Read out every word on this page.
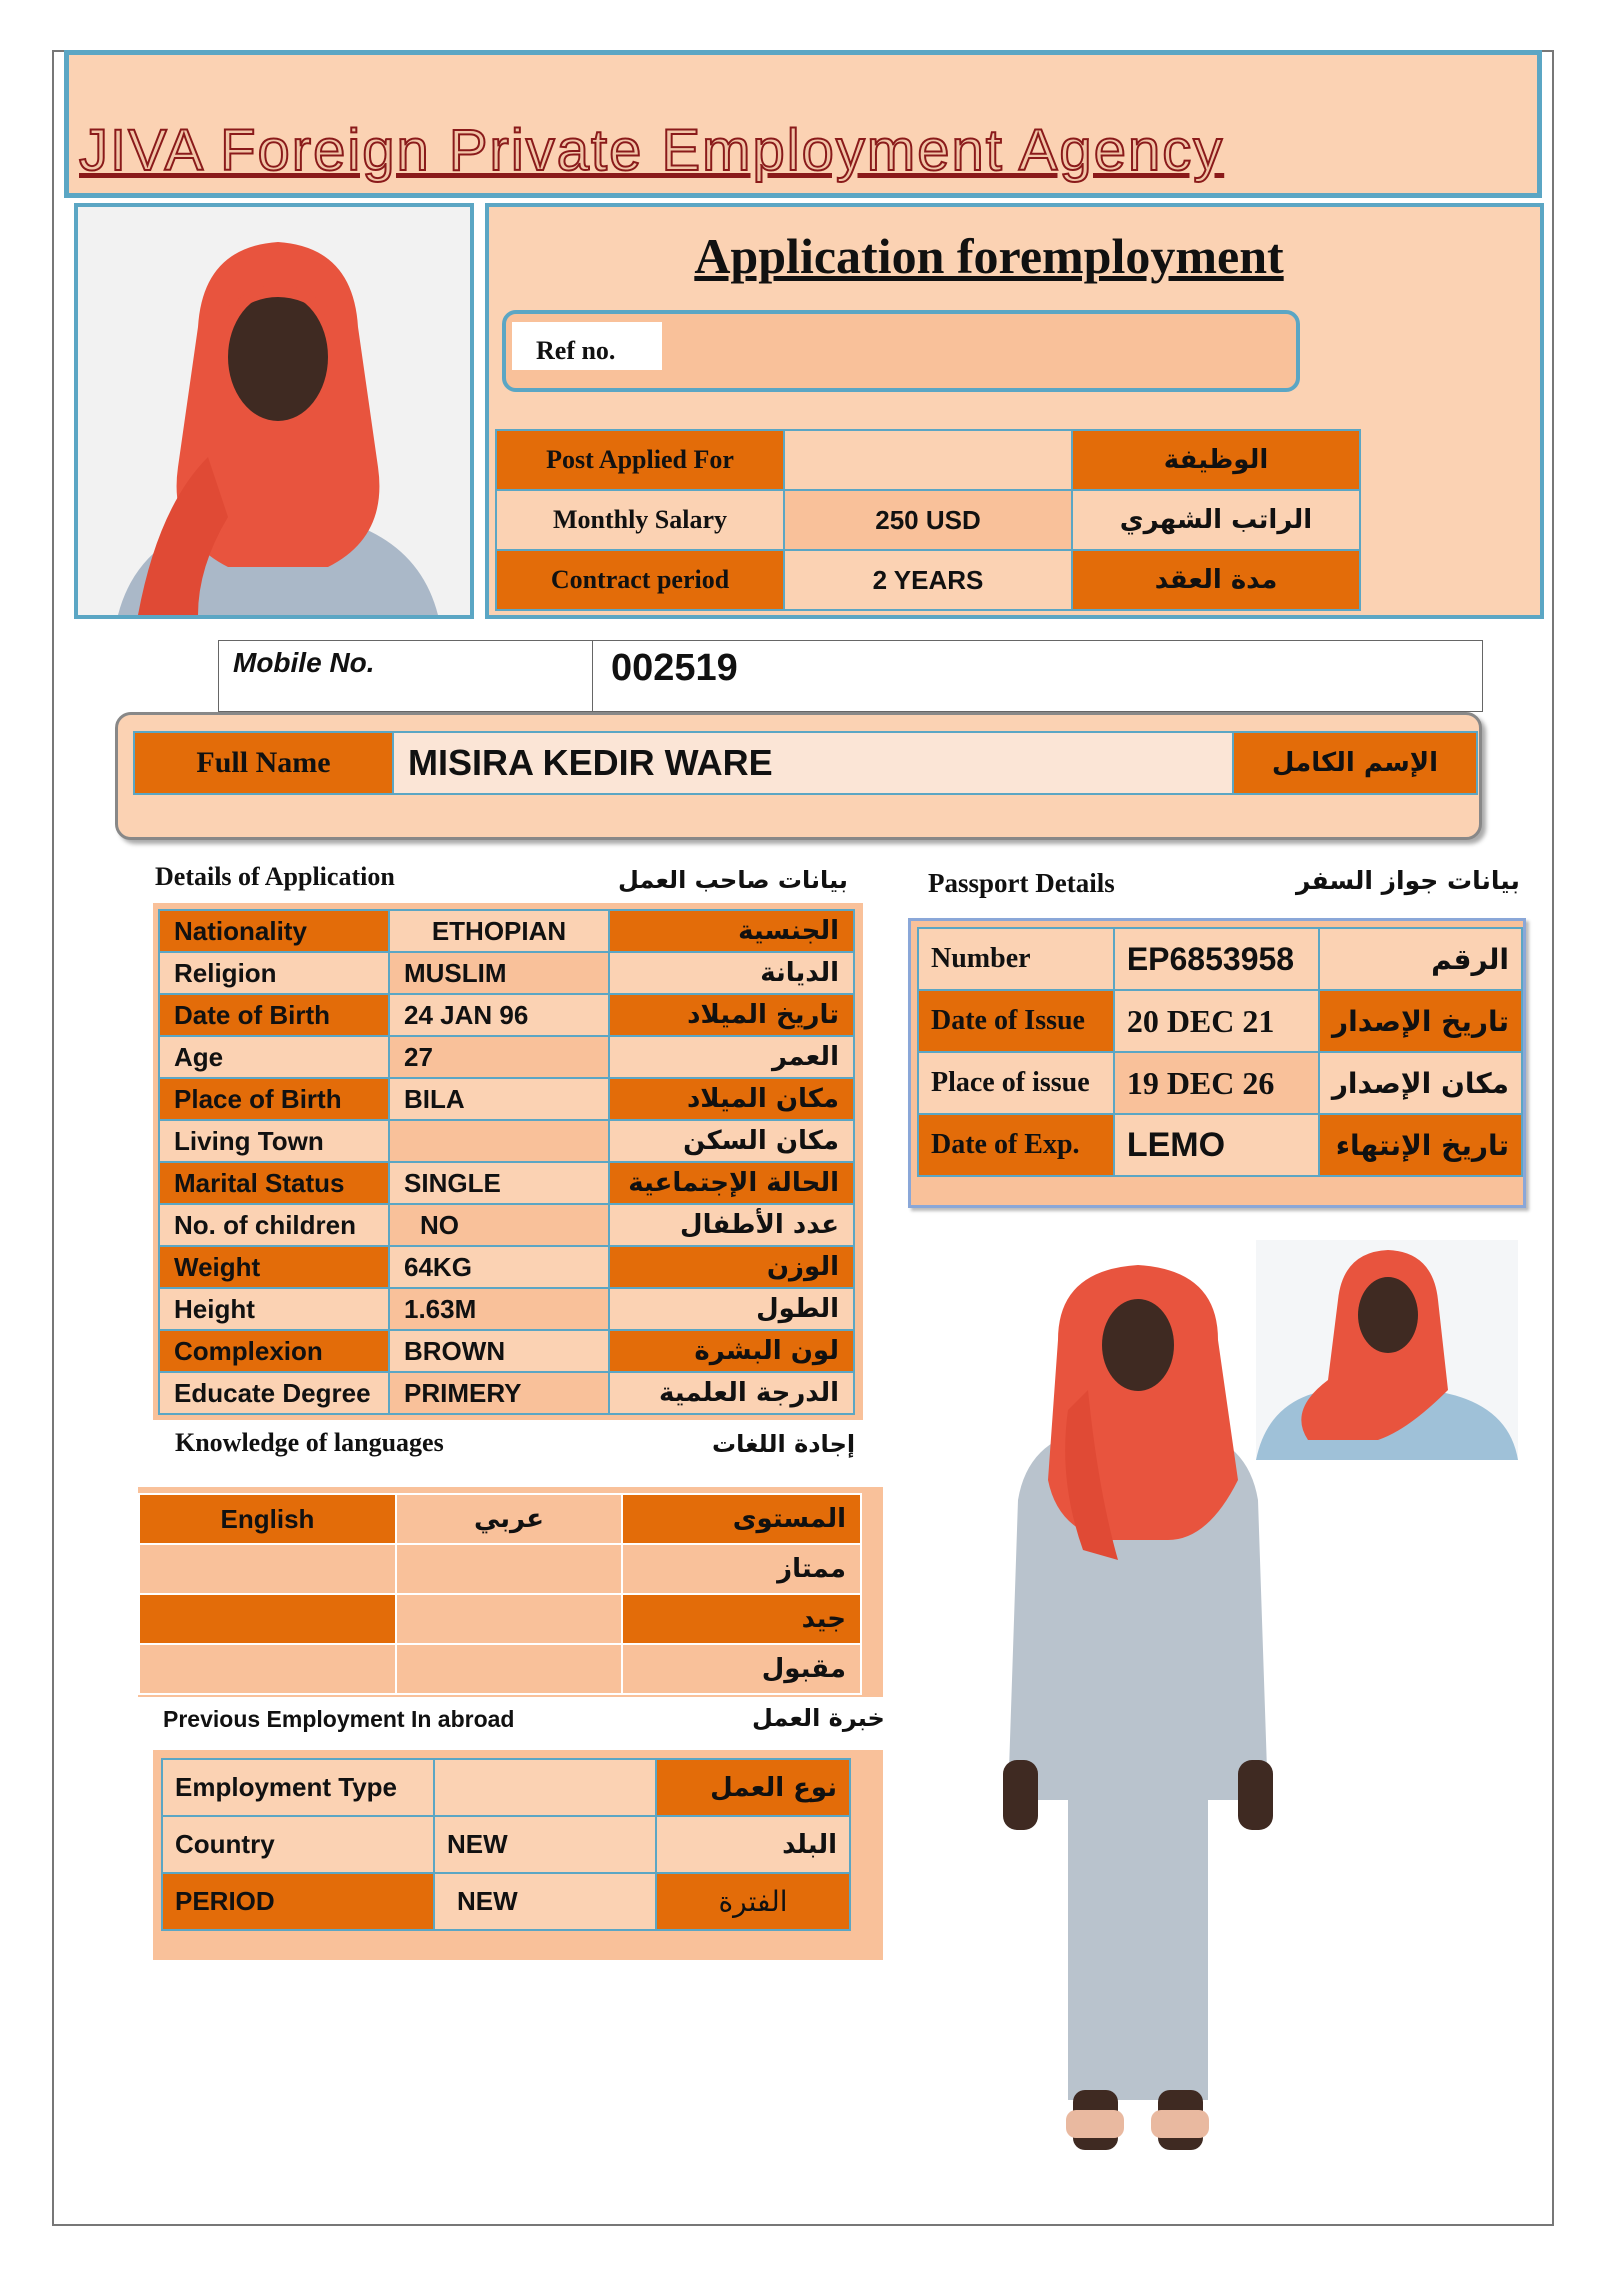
JIVA Foreign Private Employment Agency
Application foremployment
Ref no.
Post Applied For		الوظيفة
Monthly Salary	250 USD	الراتب الشهري
Contract period	2 YEARS	مدة العقد
Mobile No.	002519
Full Name	MISIRA KEDIR WARE	الإسم الكامل
Details of Application	بيانات صاحب العمل
Nationality	ETHOPIAN	الجنسية
Religion	MUSLIM	الديانة
Date of Birth	24 JAN 96	تاريخ الميلاد
Age	27	العمر
Place of Birth	BILA	مكان الميلاد
Living Town		مكان السكن
Marital Status	SINGLE	الحالة الإجتماعية
No. of children	NO	عدد الأطفال
Weight	64KG	الوزن
Height	1.63M	الطول
Complexion	BROWN	لون البشرة
Educate Degree	PRIMERY	الدرجة العلمية
Knowledge of languages	إجادة اللغات
English	عربي	المستوى
		ممتاز
		جيد
		مقبول
Previous Employment In abroad	خبرة العمل
Employment Type		نوع العمل
Country	NEW	البلد
PERIOD	NEW	الفترة
Passport Details	بيانات جواز السفر
Number	EP6853958	الرقم
Date of Issue	20 DEC 21	تاريخ الإصدار
Place of issue	19 DEC 26	مكان الإصدار
Date of Exp.	LEMO	تاريخ الإنتهاء
